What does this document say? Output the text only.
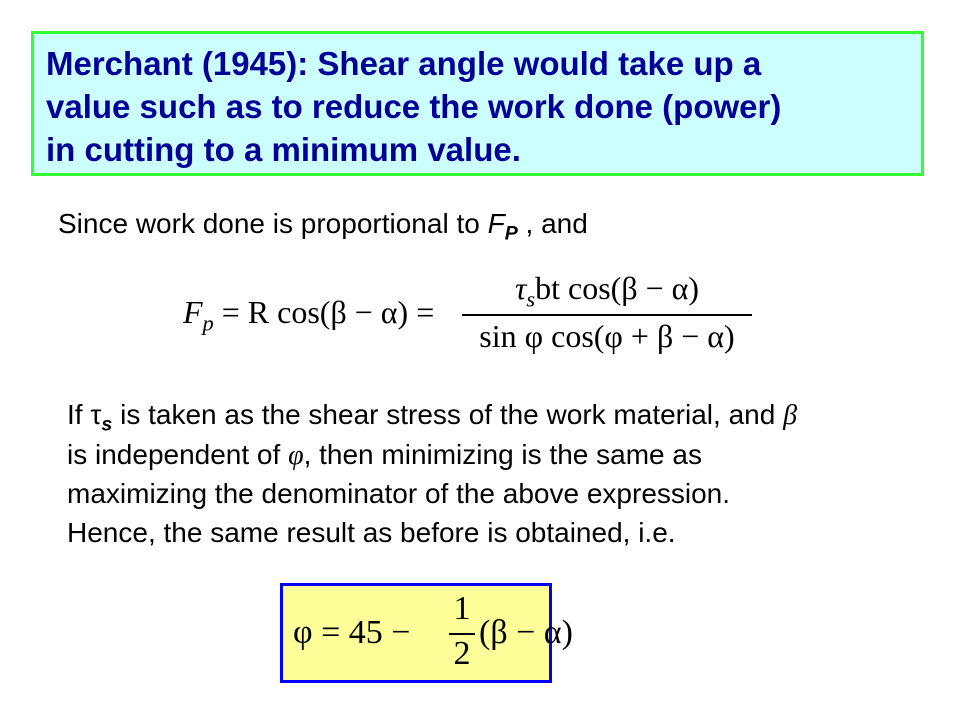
Merchant (1945): Shear angle would take up a
value such as to reduce the work done (power)
in cutting to a minimum value.

Since work done is proportional to $F_P$ , and
$F_p = R$ cos(β − α) =
$\tau_sbt$ cos(β − α)
sin φ cos(φ + β − α)
If $\tau_s$ is taken as the shear stress of the work material, and β
is independent of φ, then minimizing is the same as
maximizing the denominator of the above expression.
Hence, the same result as before is obtained, i.e.
φ = 45 −
1
2
(β − α)
